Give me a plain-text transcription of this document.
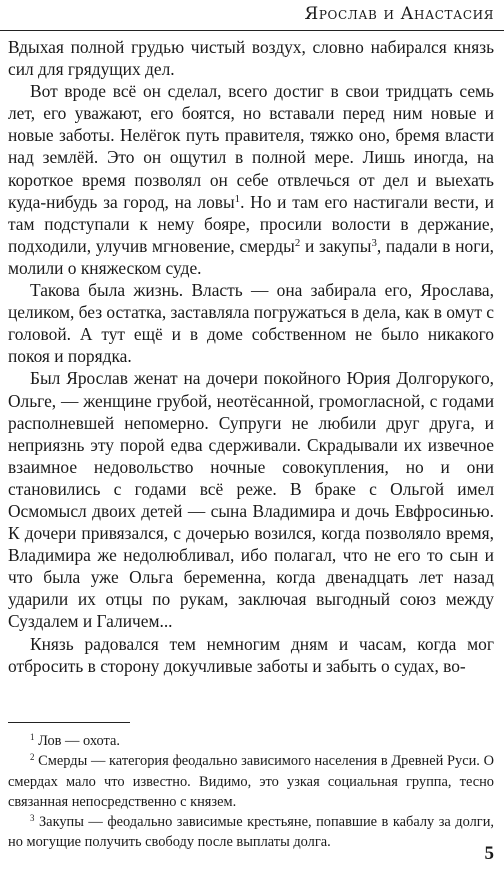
Ярослав и Анастасия

Вдыхая полной грудью чистый воздух, словно набирался князь сил для грядущих дел.

Вот вроде всё он сделал, всего достиг в свои тридцать семь лет, его уважают, его боятся, но вставали перед ним новые и новые заботы. Нелёгок путь правителя, тяжко оно, бремя власти над землёй. Это он ощутил в полной мере. Лишь иногда, на короткое время позволял он себе отвлечься от дел и выехать куда-нибудь за город, на ловы$^1$. Но и там его настигали вести, и там подступали к нему бояре, просили волости в держание, подходили, улучив мгновение, смерды$^2$ и закупы$^3$, падали в ноги, молили о княжеском суде.

Такова была жизнь. Власть — она забирала его, Ярослава, целиком, без остатка, заставляла погружаться в дела, как в омут с головой. А тут ещё и в доме собственном не было никакого покоя и порядка.

Был Ярослав женат на дочери покойного Юрия Долгорукого, Ольге, — женщине грубой, неотёсанной, громогласной, с годами располневшей непомерно. Супруги не любили друг друга, и неприязнь эту порой едва сдерживали. Скрадывали их извечное взаимное недовольство ночные совокупления, но и они становились с годами всё реже. В браке с Ольгой имел Осмомысл двоих детей — сына Владимира и дочь Евфросинью. К дочери привязался, с дочерью возился, когда позволяло время, Владимира же недолюбливал, ибо полагал, что не его то сын и что была уже Ольга беременна, когда двенадцать лет назад ударили их отцы по рукам, заключая выгодный союз между Суздалем и Галичем...

Князь радовался тем немногим дням и часам, когда мог отбросить в сторону докучливые заботы и забыть о судах, во-

$^1$ Лов — охота.

$^2$ Смерды — категория феодально зависимого населения в Древней Руси. О смердах мало что известно. Видимо, это узкая социальная группа, тесно связанная непосредственно с князем.

$^3$ Закупы — феодально зависимые крестьяне, попавшие в кабалу за долги, но могущие получить свободу после выплаты долга.

5
